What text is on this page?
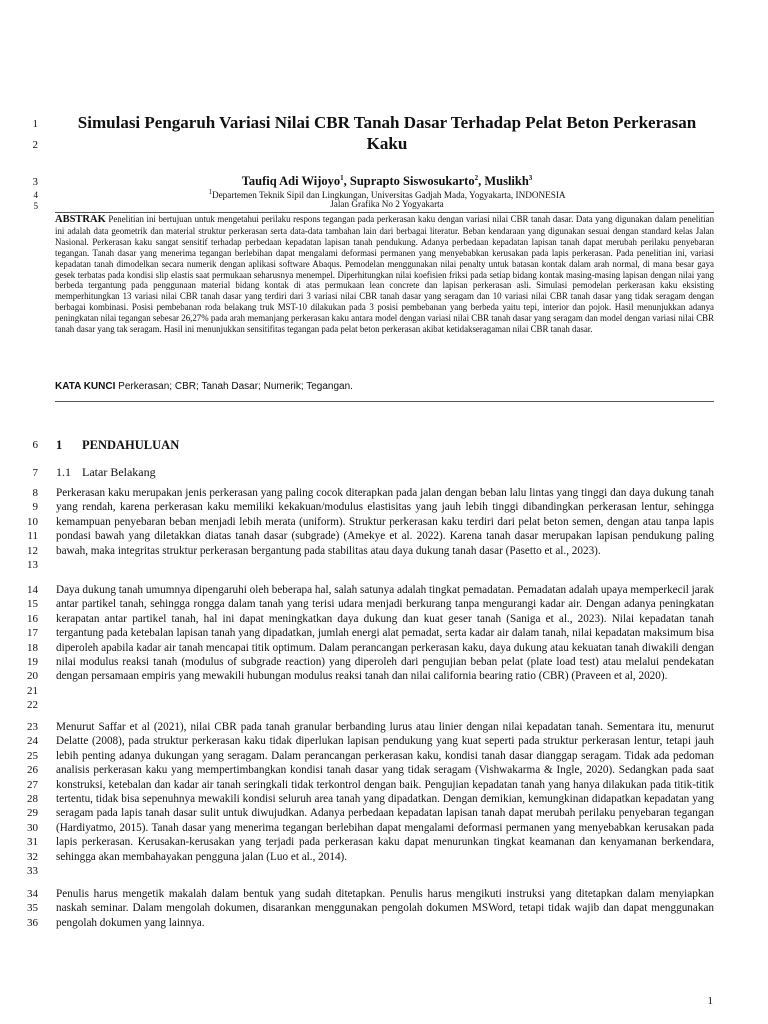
1
2
3
4
5
6
7
8
9
10
11
12
13
14
15
16
17
18
19
20
21
22
23
24
25
26
27
28
29
30
31
32
33
34
35
36
Simulasi Pengaruh Variasi Nilai CBR Tanah Dasar Terhadap Pelat Beton Perkerasan Kaku
Taufiq Adi Wijoyo$^1$, Suprapto Siswosukarto$^2$, Muslikh$^3$
$^1$Departemen Teknik Sipil dan Lingkungan, Universitas Gadjah Mada, Yogyakarta, INDONESIA
Jalan Grafika No 2 Yogyakarta
ABSTRAK Penelitian ini bertujuan untuk mengetahui perilaku respons tegangan pada perkerasan kaku dengan variasi nilai CBR tanah dasar. Data yang digunakan dalam penelitian ini adalah data geometrik dan material struktur perkerasan serta data-data tambahan lain dari berbagai literatur. Beban kendaraan yang digunakan sesuai dengan standard kelas Jalan Nasional. Perkerasan kaku sangat sensitif terhadap perbedaan kepadatan lapisan tanah pendukung. Adanya perbedaan kepadatan lapisan tanah dapat merubah perilaku penyebaran tegangan. Tanah dasar yang menerima tegangan berlebihan dapat mengalami deformasi permanen yang menyebabkan kerusakan pada lapis perkerasan. Pada penelitian ini, variasi kepadatan tanah dimodelkan secara numerik dengan aplikasi software Abaqus. Pemodelan menggunakan nilai penalty untuk batasan kontak dalam arah normal, di mana besar gaya gesek terbatas pada kondisi slip elastis saat permukaan seharusnya menempel. Diperhitungkan nilai koefisien friksi pada setiap bidang kontak masing-masing lapisan dengan nilai yang berbeda tergantung pada penggunaan material bidang kontak di atas permukaan lean concrete dan lapisan perkerasan asli. Simulasi pemodelan perkerasan kaku eksisting memperhitungkan 13 variasi nilai CBR tanah dasar yang terdiri dari 3 variasi nilai CBR tanah dasar yang seragam dan 10 variasi nilai CBR tanah dasar yang tidak seragam dengan berbagai kombinasi. Posisi pembebanan roda belakang truk MST-10 dilakukan pada 3 posisi pembebanan yang berbeda yaitu tepi, interior dan pojok. Hasil menunjukkan adanya peningkatan nilai tegangan sebesar 26,27% pada arah memanjang perkerasan kaku antara model dengan variasi nilai CBR tanah dasar yang seragam dan model dengan variasi nilai CBR tanah dasar yang tak seragam. Hasil ini menunjukkan sensitifitas tegangan pada pelat beton perkerasan akibat ketidakseragaman nilai CBR tanah dasar.
KATA KUNCI Perkerasan; CBR; Tanah Dasar; Numerik; Tegangan.
1 PENDAHULUAN
1.1 Latar Belakang
Perkerasan kaku merupakan jenis perkerasan yang paling cocok diterapkan pada jalan dengan beban lalu lintas yang tinggi dan daya dukung tanah yang rendah, karena perkerasan kaku memiliki kekakuan/modulus elastisitas yang jauh lebih tinggi dibandingkan perkerasan lentur, sehingga kemampuan penyebaran beban menjadi lebih merata (uniform). Struktur perkerasan kaku terdiri dari pelat beton semen, dengan atau tanpa lapis pondasi bawah yang diletakkan diatas tanah dasar (subgrade) (Amekye et al. 2022). Karena tanah dasar merupakan lapisan pendukung paling bawah, maka integritas struktur perkerasan bergantung pada stabilitas atau daya dukung tanah dasar (Pasetto et al., 2023).
Daya dukung tanah umumnya dipengaruhi oleh beberapa hal, salah satunya adalah tingkat pemadatan. Pemadatan adalah upaya memperkecil jarak antar partikel tanah, sehingga rongga dalam tanah yang terisi udara menjadi berkurang tanpa mengurangi kadar air. Dengan adanya peningkatan kerapatan antar partikel tanah, hal ini dapat meningkatkan daya dukung dan kuat geser tanah (Saniga et al., 2023). Nilai kepadatan tanah tergantung pada ketebalan lapisan tanah yang dipadatkan, jumlah energi alat pemadat, serta kadar air dalam tanah, nilai kepadatan maksimum bisa diperoleh apabila kadar air tanah mencapai titik optimum. Dalam perancangan perkerasan kaku, daya dukung atau kekuatan tanah diwakili dengan nilai modulus reaksi tanah (modulus of subgrade reaction) yang diperoleh dari pengujian beban pelat (plate load test) atau melalui pendekatan dengan persamaan empiris yang mewakili hubungan modulus reaksi tanah dan nilai california bearing ratio (CBR) (Praveen et al, 2020).
Menurut Saffar et al (2021), nilai CBR pada tanah granular berbanding lurus atau linier dengan nilai kepadatan tanah. Sementara itu, menurut Delatte (2008), pada struktur perkerasan kaku tidak diperlukan lapisan pendukung yang kuat seperti pada struktur perkerasan lentur, tetapi jauh lebih penting adanya dukungan yang seragam. Dalam perancangan perkerasan kaku, kondisi tanah dasar dianggap seragam. Tidak ada pedoman analisis perkerasan kaku yang mempertimbangkan kondisi tanah dasar yang tidak seragam (Vishwakarma & Ingle, 2020). Sedangkan pada saat konstruksi, ketebalan dan kadar air tanah seringkali tidak terkontrol dengan baik. Pengujian kepadatan tanah yang hanya dilakukan pada titik-titik tertentu, tidak bisa sepenuhnya mewakili kondisi seluruh area tanah yang dipadatkan. Dengan demikian, kemungkinan didapatkan kepadatan yang seragam pada lapis tanah dasar sulit untuk diwujudkan. Adanya perbedaan kepadatan lapisan tanah dapat merubah perilaku penyebaran tegangan (Hardiyatmo, 2015). Tanah dasar yang menerima tegangan berlebihan dapat mengalami deformasi permanen yang menyebabkan kerusakan pada lapis perkerasan. Kerusakan-kerusakan yang terjadi pada perkerasan kaku dapat menurunkan tingkat keamanan dan kenyamanan berkendara, sehingga akan membahayakan pengguna jalan (Luo et al., 2014).
Penulis harus mengetik makalah dalam bentuk yang sudah ditetapkan. Penulis harus mengikuti instruksi yang ditetapkan dalam menyiapkan naskah seminar. Dalam mengolah dokumen, disarankan menggunakan pengolah dokumen MSWord, tetapi tidak wajib dan dapat menggunakan pengolah dokumen yang lainnya.
1
